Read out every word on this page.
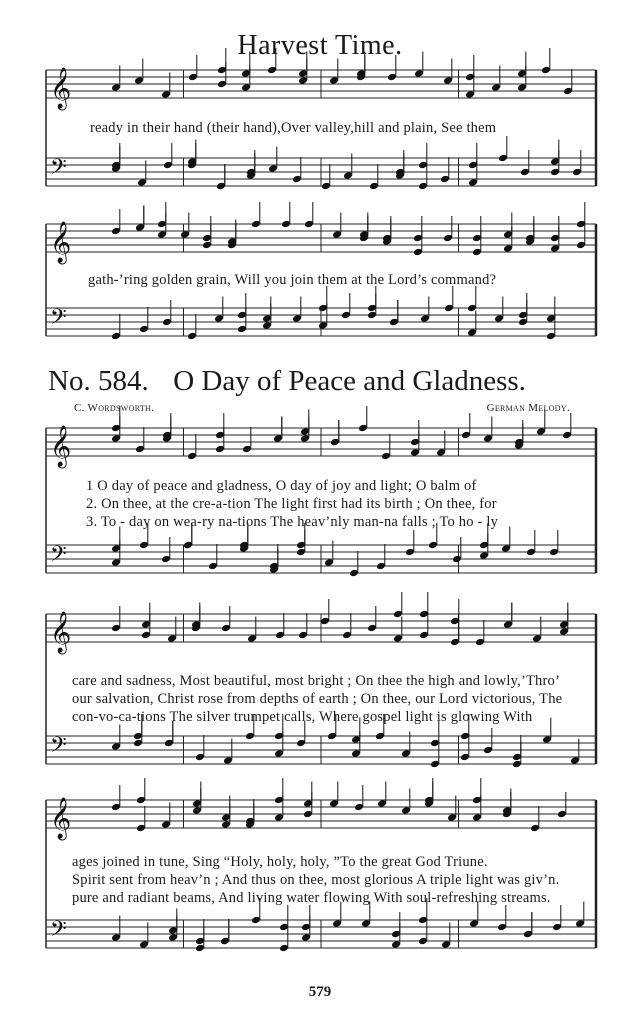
𝄞
𝄢
𝄞
𝄢
𝄞
𝄢
𝄞
𝄢
𝄞
𝄢
Harvest Time.
ready in their hand (their hand),Over valley,hill and plain, See them
gath-’ring golden grain, Will you join them at the Lord’s command?
No. 584. O Day of Peace and Gladness.
C. Wordsworth.	German Melody.
1 O day of peace and gladness, O day of joy and light; O balm of
2. On thee, at the cre-a-tion The light first had its birth ; On thee, for
3. To - day on wea-ry na-tions The heav’nly man-na falls ; To ho - ly
care and sadness, Most beautiful, most bright ; On thee the high and lowly,’Thro’
our salvation, Christ rose from depths of earth ; On thee, our Lord victorious, The
con-vo-ca-tions The silver trumpet calls, Where gospel light is glowing With
ages joined in tune, Sing “Holy, holy, holy, ”To the great God Triune.
Spirit sent from heav’n ; And thus on thee, most glorious A triple light was giv’n.
pure and radiant beams, And living water flowing With soul-refreshing streams.
579
